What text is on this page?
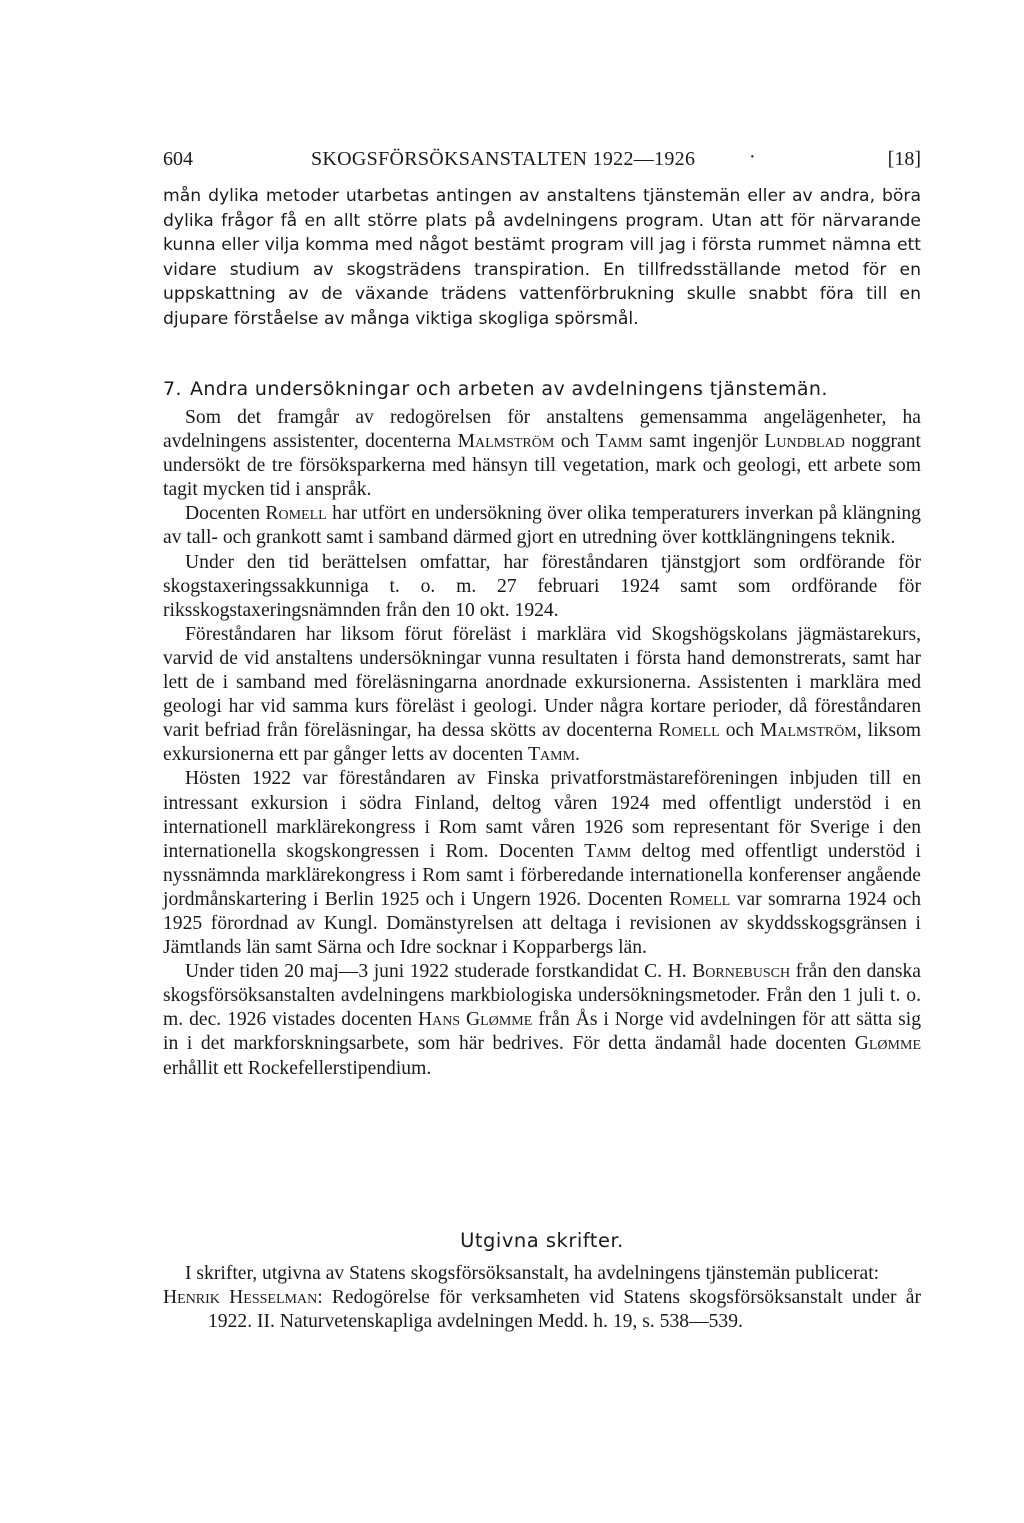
604	SKOGSFÖRSÖKSANSTALTEN 1922—1926	·	[18]

mån dylika metoder utarbetas antingen av anstaltens tjänstemän eller av andra, böra dylika frågor få en allt större plats på avdelningens program. Utan att för närvarande kunna eller vilja komma med något bestämt program vill jag i första rummet nämna ett vidare studium av skogsträdens transpiration. En tillfredsställande metod för en uppskattning av de växande trädens vattenförbrukning skulle snabbt föra till en djupare förståelse av många viktiga skogliga spörsmål.

7. Andra undersökningar och arbeten av avdelningens tjänstemän.

Som det framgår av redogörelsen för anstaltens gemensamma angelägenheter, ha avdelningens assistenter, docenterna Malmström och Tamm samt ingenjör Lundblad noggrant undersökt de tre försöksparkerna med hänsyn till vegetation, mark och geologi, ett arbete som tagit mycken tid i anspråk.

Docenten Romell har utfört en undersökning över olika temperaturers inverkan på klängning av tall- och grankott samt i samband därmed gjort en utredning över kottklängningens teknik.

Under den tid berättelsen omfattar, har föreståndaren tjänstgjort som ordförande för skogstaxeringssakkunniga t. o. m. 27 februari 1924 samt som ordförande för riksskogstaxeringsnämnden från den 10 okt. 1924.

Föreståndaren har liksom förut föreläst i marklära vid Skogshögskolans jägmästarekurs, varvid de vid anstaltens undersökningar vunna resultaten i första hand demonstrerats, samt har lett de i samband med föreläsningarna anordnade exkursionerna. Assistenten i marklära med geologi har vid samma kurs föreläst i geologi. Under några kortare perioder, då föreståndaren varit befriad från föreläsningar, ha dessa skötts av docenterna Romell och Malmström, liksom exkursionerna ett par gånger letts av docenten Tamm.

Hösten 1922 var föreståndaren av Finska privatforstmästareföreningen inbjuden till en intressant exkursion i södra Finland, deltog våren 1924 med offentligt understöd i en internationell marklärekongress i Rom samt våren 1926 som representant för Sverige i den internationella skogskongressen i Rom. Docenten Tamm deltog med offentligt understöd i nyssnämnda marklärekongress i Rom samt i förberedande internationella konferenser angående jordmånskartering i Berlin 1925 och i Ungern 1926. Docenten Romell var somrarna 1924 och 1925 förordnad av Kungl. Domänstyrelsen att deltaga i revisionen av skyddsskogsgränsen i Jämtlands län samt Särna och Idre socknar i Kopparbergs län.

Under tiden 20 maj—3 juni 1922 studerade forstkandidat C. H. Bornebusch från den danska skogsförsöksanstalten avdelningens markbiologiska undersökningsmetoder. Från den 1 juli t. o. m. dec. 1926 vistades docenten Hans Glømme från Ås i Norge vid avdelningen för att sätta sig in i det markforskningsarbete, som här bedrives. För detta ändamål hade docenten Glømme erhållit ett Rockefellerstipendium.

Utgivna skrifter.

I skrifter, utgivna av Statens skogsförsöksanstalt, ha avdelningens tjänstemän publicerat:

Henrik Hesselman: Redogörelse för verksamheten vid Statens skogsförsöksanstalt under år 1922. II. Naturvetenskapliga avdelningen Medd. h. 19, s. 538—539.
